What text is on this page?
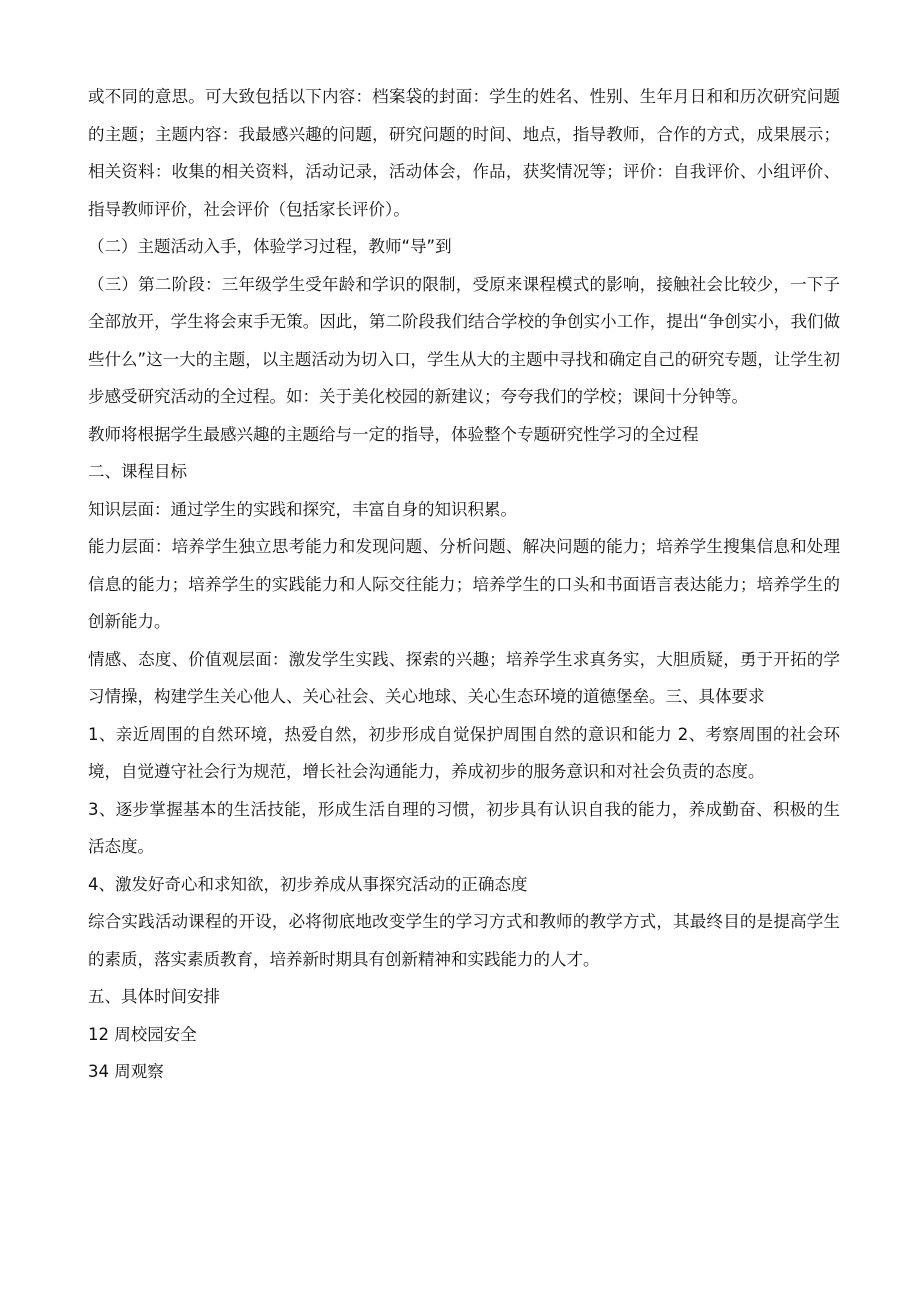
或不同的意思。可大致包括以下内容：档案袋的封面：学生的姓名、性别、生年月日和和历次研究问题的主题；主题内容：我最感兴趣的问题，研究问题的时间、地点，指导教师，合作的方式，成果展示；相关资料：收集的相关资料，活动记录，活动体会，作品，获奖情况等；评价：自我评价、小组评价、指导教师评价，社会评价（包括家长评价）。

（二）主题活动入手，体验学习过程，教师“导”到

（三）第二阶段：三年级学生受年龄和学识的限制，受原来课程模式的影响，接触社会比较少，一下子全部放开，学生将会束手无策。因此，第二阶段我们结合学校的争创实小工作，提出“争创实小，我们做些什么”这一大的主题，以主题活动为切入口，学生从大的主题中寻找和确定自己的研究专题，让学生初步感受研究活动的全过程。如：关于美化校园的新建议；夸夸我们的学校；课间十分钟等。

教师将根据学生最感兴趣的主题给与一定的指导，体验整个专题研究性学习的全过程

二、课程目标

知识层面：通过学生的实践和探究，丰富自身的知识积累。

能力层面：培养学生独立思考能力和发现问题、分析问题、解决问题的能力；培养学生搜集信息和处理信息的能力；培养学生的实践能力和人际交往能力；培养学生的口头和书面语言表达能力；培养学生的创新能力。

情感、态度、价值观层面：激发学生实践、探索的兴趣；培养学生求真务实，大胆质疑，勇于开拓的学习情操，构建学生关心他人、关心社会、关心地球、关心生态环境的道德堡垒。三、具体要求

1、亲近周围的自然环境，热爱自然，初步形成自觉保护周围自然的意识和能力 2、考察周围的社会环境，自觉遵守社会行为规范，增长社会沟通能力，养成初步的服务意识和对社会负责的态度。

3、逐步掌握基本的生活技能，形成生活自理的习惯，初步具有认识自我的能力，养成勤奋、积极的生活态度。

4、激发好奇心和求知欲，初步养成从事探究活动的正确态度

综合实践活动课程的开设，必将彻底地改变学生的学习方式和教师的教学方式，其最终目的是提高学生的素质，落实素质教育，培养新时期具有创新精神和实践能力的人才。

五、具体时间安排

12 周校园安全

34 周观察
